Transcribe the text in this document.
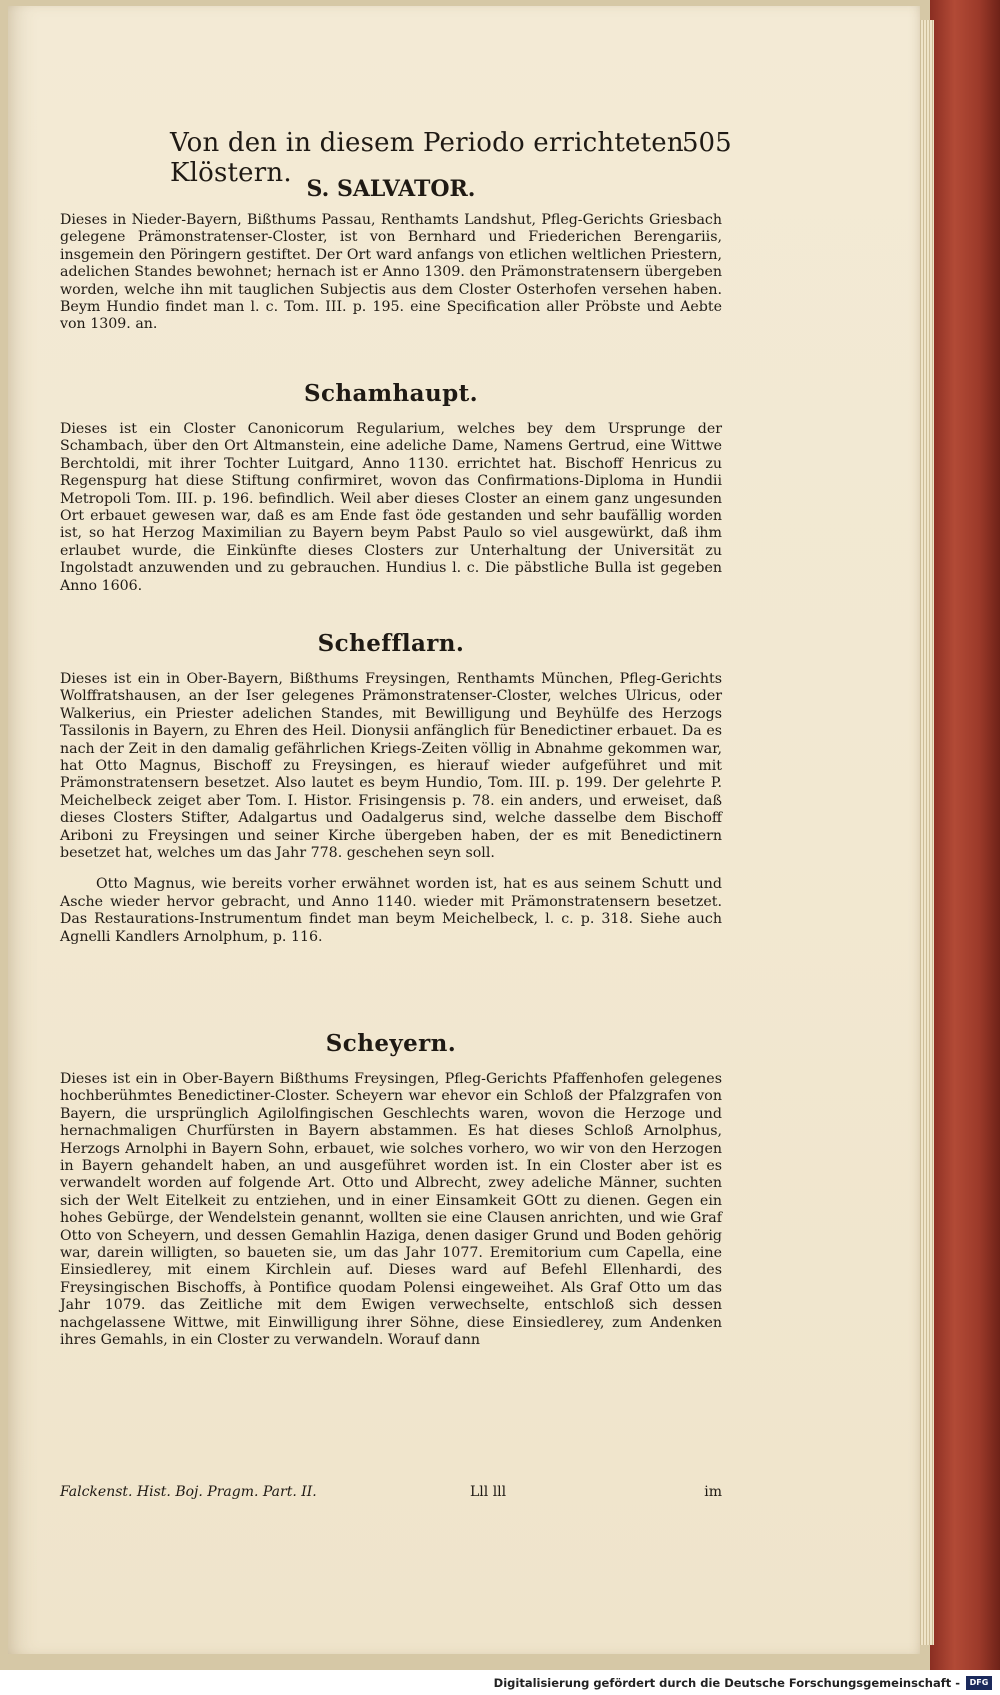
Von den in diesem Periodo errichteten Klöstern.
505
S. SALVATOR.

Dieses in Nieder-Bayern, Bißthums Passau, Renthamts Landshut, Pfleg-Gerichts Griesbach gelegene Prämonstratenser-Closter, ist von Bernhard und Friederichen Berengariis, insgemein den Pöringern gestiftet. Der Ort ward anfangs von etlichen weltlichen Priestern, adelichen Standes bewohnet; hernach ist er Anno 1309. den Prämonstratensern übergeben worden, welche ihn mit tauglichen Subjectis aus dem Closter Osterhofen versehen haben. Beym Hundio findet man l. c. Tom. III. p. 195. eine Specification aller Pröbste und Aebte von 1309. an.

Schamhaupt.

Dieses ist ein Closter Canonicorum Regularium, welches bey dem Ursprunge der Schambach, über den Ort Altmanstein, eine adeliche Dame, Namens Gertrud, eine Wittwe Berchtoldi, mit ihrer Tochter Luitgard, Anno 1130. errichtet hat. Bischoff Henricus zu Regenspurg hat diese Stiftung confirmiret, wovon das Confirmations-Diploma in Hundii Metropoli Tom. III. p. 196. befindlich. Weil aber dieses Closter an einem ganz ungesunden Ort erbauet gewesen war, daß es am Ende fast öde gestanden und sehr baufällig worden ist, so hat Herzog Maximilian zu Bayern beym Pabst Paulo so viel ausgewürkt, daß ihm erlaubet wurde, die Einkünfte dieses Closters zur Unterhaltung der Universität zu Ingolstadt anzuwenden und zu gebrauchen. Hundius l. c. Die päbstliche Bulla ist gegeben Anno 1606.

Schefflarn.

Dieses ist ein in Ober-Bayern, Bißthums Freysingen, Renthamts München, Pfleg-Gerichts Wolffratshausen, an der Iser gelegenes Prämonstratenser-Closter, welches Ulricus, oder Walkerius, ein Priester adelichen Standes, mit Bewilligung und Beyhülfe des Herzogs Tassilonis in Bayern, zu Ehren des Heil. Dionysii anfänglich für Benedictiner erbauet. Da es nach der Zeit in den damalig gefährlichen Kriegs-Zeiten völlig in Abnahme gekommen war, hat Otto Magnus, Bischoff zu Freysingen, es hierauf wieder aufgeführet und mit Prämonstratensern besetzet. Also lautet es beym Hundio, Tom. III. p. 199. Der gelehrte P. Meichelbeck zeiget aber Tom. I. Histor. Frisingensis p. 78. ein anders, und erweiset, daß dieses Closters Stifter, Adalgartus und Oadalgerus sind, welche dasselbe dem Bischoff Ariboni zu Freysingen und seiner Kirche übergeben haben, der es mit Benedictinern besetzet hat, welches um das Jahr 778. geschehen seyn soll.

Otto Magnus, wie bereits vorher erwähnet worden ist, hat es aus seinem Schutt und Asche wieder hervor gebracht, und Anno 1140. wieder mit Prämonstratensern besetzet. Das Restaurations-Instrumentum findet man beym Meichelbeck, l. c. p. 318. Siehe auch Agnelli Kandlers Arnolphum, p. 116.

Scheyern.

Dieses ist ein in Ober-Bayern Bißthums Freysingen, Pfleg-Gerichts Pfaffenhofen gelegenes hochberühmtes Benedictiner-Closter. Scheyern war ehevor ein Schloß der Pfalzgrafen von Bayern, die ursprünglich Agilolfingischen Geschlechts waren, wovon die Herzoge und hernachmaligen Churfürsten in Bayern abstammen. Es hat dieses Schloß Arnolphus, Herzogs Arnolphi in Bayern Sohn, erbauet, wie solches vorhero, wo wir von den Herzogen in Bayern gehandelt haben, an und ausgeführet worden ist. In ein Closter aber ist es verwandelt worden auf folgende Art. Otto und Albrecht, zwey adeliche Männer, suchten sich der Welt Eitelkeit zu entziehen, und in einer Einsamkeit GOtt zu dienen. Gegen ein hohes Gebürge, der Wendelstein genannt, wollten sie eine Clausen anrichten, und wie Graf Otto von Scheyern, und dessen Gemahlin Haziga, denen dasiger Grund und Boden gehörig war, darein willigten, so baueten sie, um das Jahr 1077. Eremitorium cum Capella, eine Einsiedlerey, mit einem Kirchlein auf. Dieses ward auf Befehl Ellenhardi, des Freysingischen Bischoffs, à Pontifice quodam Polensi eingeweihet. Als Graf Otto um das Jahr 1079. das Zeitliche mit dem Ewigen verwechselte, entschloß sich dessen nachgelassene Wittwe, mit Einwilligung ihrer Söhne, diese Einsiedlerey, zum Andenken ihres Gemahls, in ein Closter zu verwandeln. Worauf dann

Falckenst. Hist. Boj. Pragm. Part. II.	Lll lll	im
Digitalisierung gefördert durch die Deutsche Forschungsgemeinschaft -	DFG
